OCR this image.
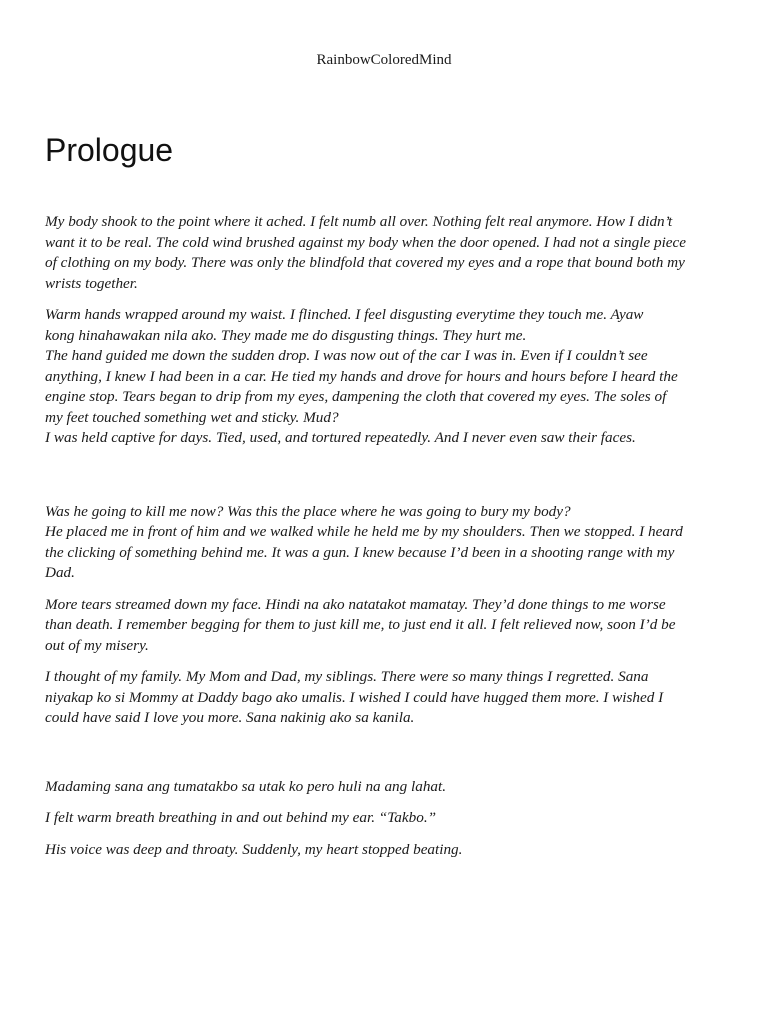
RainbowColoredMind
Prologue

My body shook to the point where it ached. I felt numb all over. Nothing felt real anymore. How I didn’t
want it to be real. The cold wind brushed against my body when the door opened. I had not a single piece
of clothing on my body. There was only the blindfold that covered my eyes and a rope that bound both my
wrists together.

Warm hands wrapped around my waist. I flinched. I feel disgusting everytime they touch me. Ayaw
kong hinahawakan nila ako. They made me do disgusting things. They hurt me.
The hand guided me down the sudden drop. I was now out of the car I was in. Even if I couldn’t see
anything, I knew I had been in a car. He tied my hands and drove for hours and hours before I heard the
engine stop. Tears began to drip from my eyes, dampening the cloth that covered my eyes. The soles of
my feet touched something wet and sticky. Mud?
I was held captive for days. Tied, used, and tortured repeatedly. And I never even saw their faces.

Was he going to kill me now? Was this the place where he was going to bury my body?
He placed me in front of him and we walked while he held me by my shoulders. Then we stopped. I heard
the clicking of something behind me. It was a gun. I knew because I’d been in a shooting range with my
Dad.

More tears streamed down my face. Hindi na ako natatakot mamatay. They’d done things to me worse
than death. I remember begging for them to just kill me, to just end it all. I felt relieved now, soon I’d be
out of my misery.

I thought of my family. My Mom and Dad, my siblings. There were so many things I regretted. Sana
niyakap ko si Mommy at Daddy bago ako umalis. I wished I could have hugged them more. I wished I
could have said I love you more. Sana nakinig ako sa kanila.

Madaming sana ang tumatakbo sa utak ko pero huli na ang lahat.

I felt warm breath breathing in and out behind my ear. “Takbo.”

His voice was deep and throaty. Suddenly, my heart stopped beating.
